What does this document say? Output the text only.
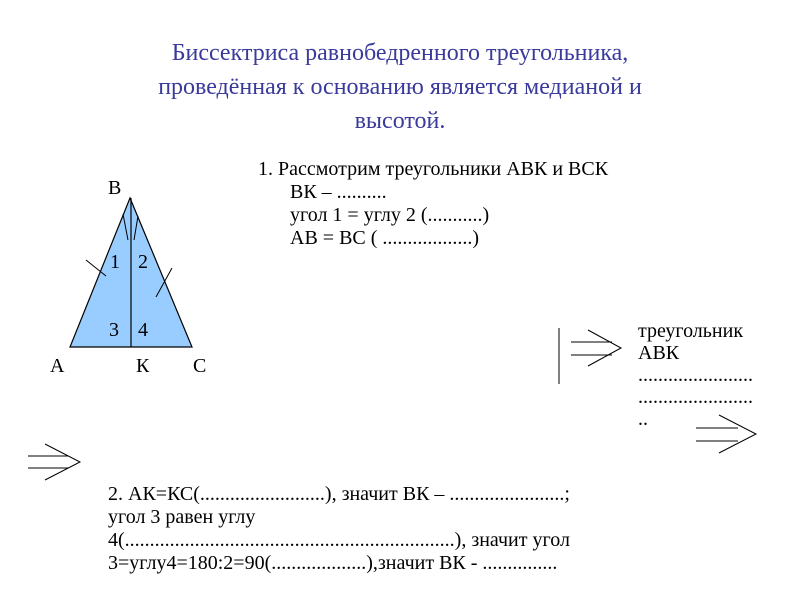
Биссектриса равнобедренного треугольника,
проведённая к основанию является медианой и
высотой.
В
А	К С
1 2
3 4
1. Рассмотрим треугольники АВК и ВСК
ВК – ..........
угол 1 = углу 2 (...........)
АВ = ВС ( ..................)
треугольник
АВК
.......................
.......................
..
2. АК=КС(.........................), значит ВК – .......................;
угол 3 равен углу
4(..................................................................), значит угол
3=углу4=180:2=90(...................),значит ВК - ...............
